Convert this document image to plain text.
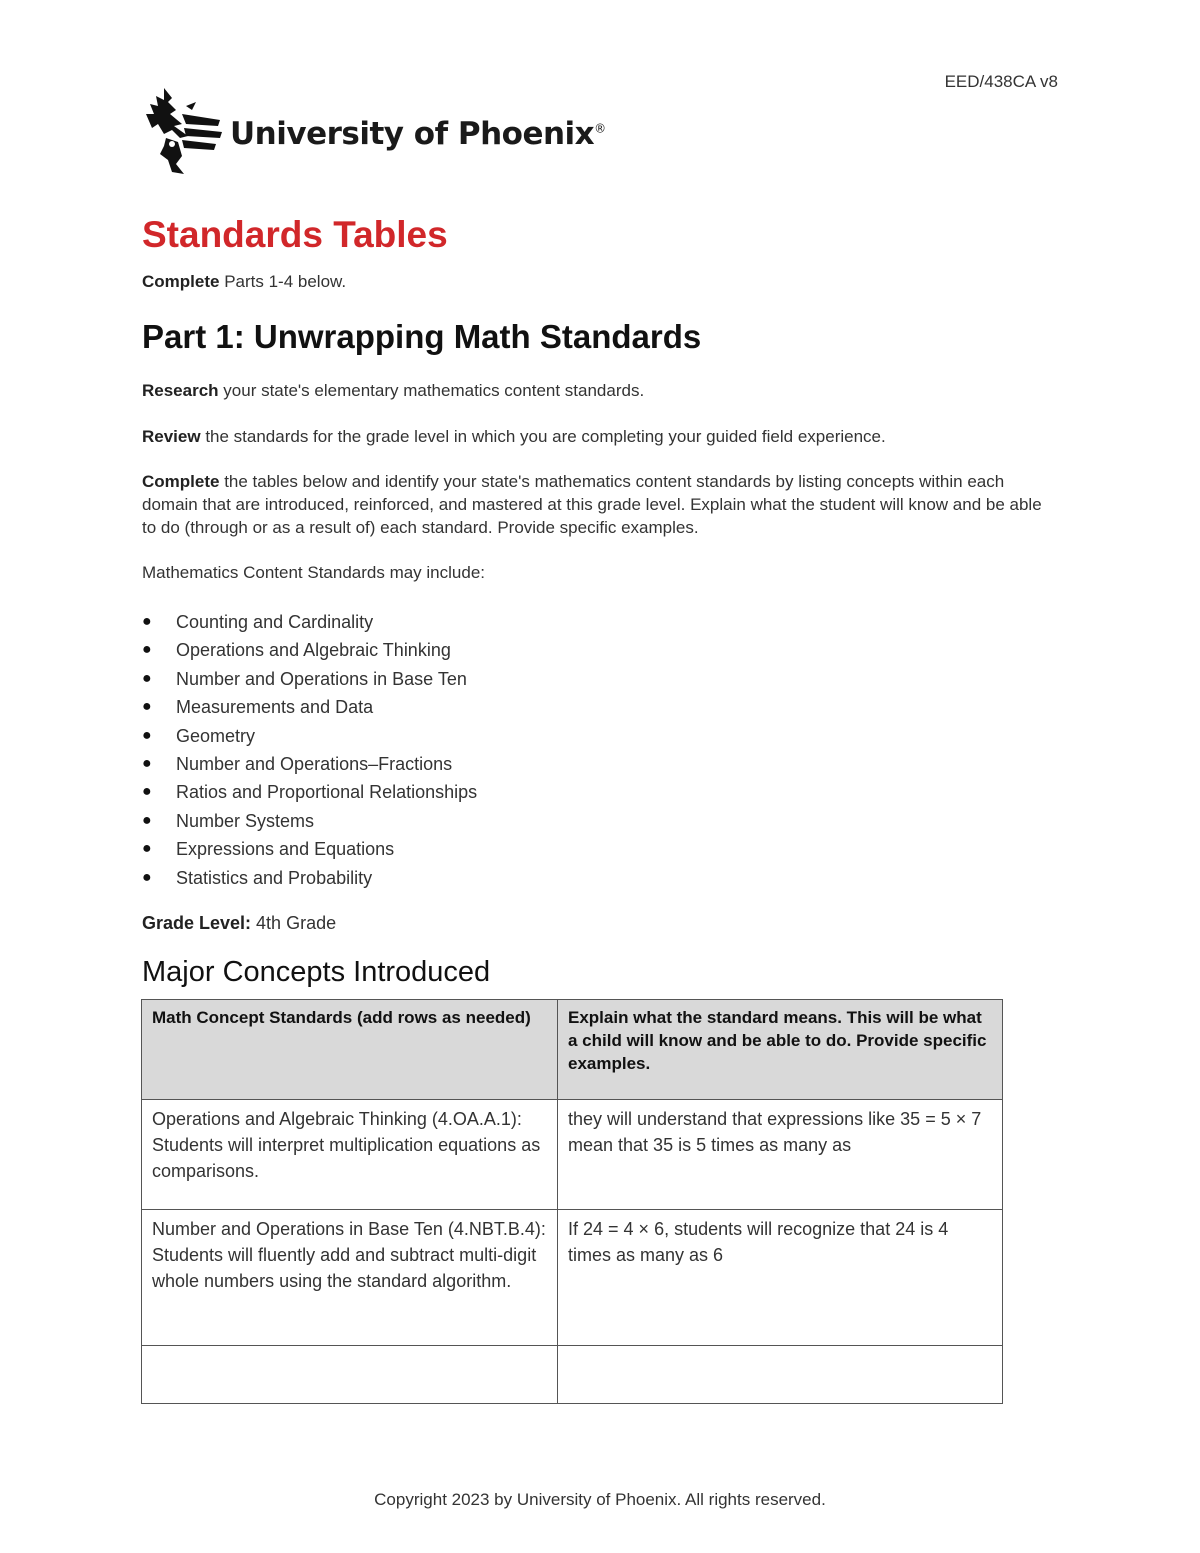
EED/438CA v8
University of Phoenix®
Standards Tables

Complete Parts 1-4 below.

Part 1: Unwrapping Math Standards

Research your state's elementary mathematics content standards.

Review the standards for the grade level in which you are completing your guided field experience.

Complete the tables below and identify your state's mathematics content standards by listing concepts within each domain that are introduced, reinforced, and mastered at this grade level. Explain what the student will know and be able to do (through or as a result of) each standard. Provide specific examples.

Mathematics Content Standards may include:

● Counting and Cardinality
● Operations and Algebraic Thinking
● Number and Operations in Base Ten
● Measurements and Data
● Geometry
● Number and Operations–Fractions
● Ratios and Proportional Relationships
● Number Systems
● Expressions and Equations
● Statistics and Probability

Grade Level: 4th Grade

Major Concepts Introduced
Math Concept Standards (add rows as needed)	Explain what the standard means. This will be what a child will know and be able to do. Provide specific examples.
Operations and Algebraic Thinking (4.OA.A.1): Students will interpret multiplication equations as comparisons.	they will understand that expressions like 35 = 5 × 7 mean that 35 is 5 times as many as
Number and Operations in Base Ten (4.NBT.B.4): Students will fluently add and subtract multi-digit whole numbers using the standard algorithm.	If 24 = 4 × 6, students will recognize that 24 is 4 times as many as 6

Copyright 2023 by University of Phoenix. All rights reserved.
